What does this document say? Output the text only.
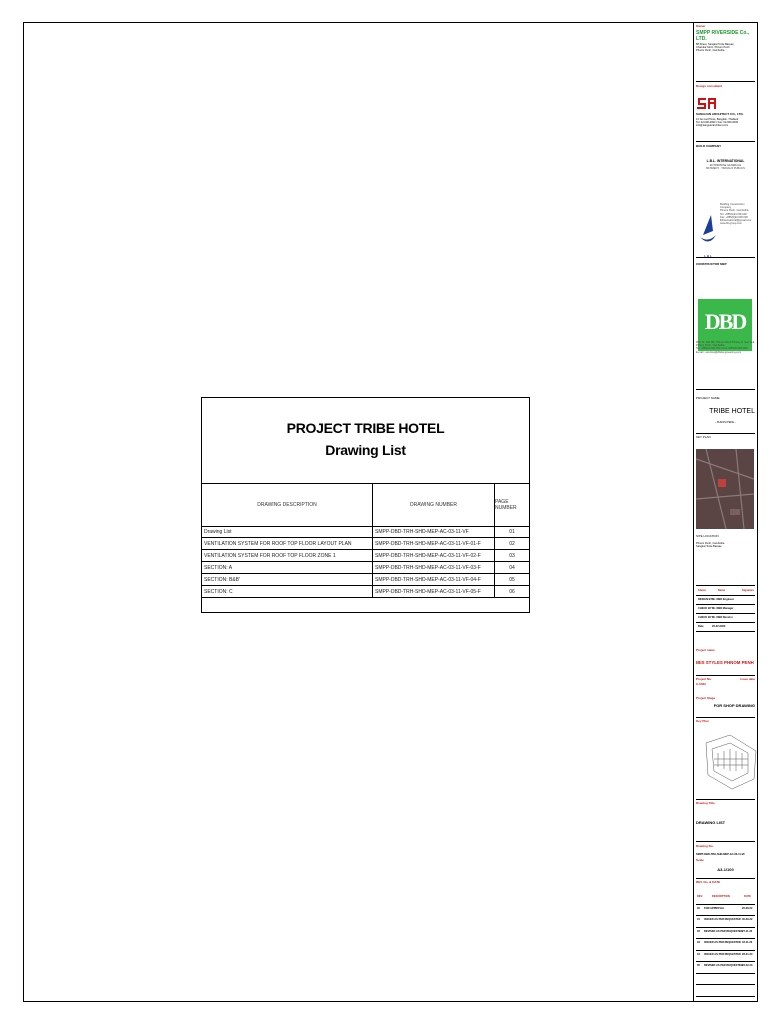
PROJECT TRIBE HOTEL
Drawing List
DRAWING DESCRIPTION	DRAWING NUMBER	PAGE NUMBER
Drawing List	SMPP-DBD-TRH-SHD-MEP-AC-03-11-VF	01
VENTILATION SYSTEM FOR ROOF TOP FLOOR LAYOUT PLAN	SMPP-DBD-TRH-SHD-MEP-AC-03-11-VF-01-F	02
VENTILATION SYSTEM FOR ROOF TOP FLOOR ZONE 1	SMPP-DBD-TRH-SHD-MEP-AC-03-11-VF-02-F	03
SECTION: A	SMPP-DBD-TRH-SHD-MEP-AC-03-11-VF-03-F	04
SECTION: B&B'	SMPP-DBD-TRH-SHD-MEP-AC-03-11-VF-04-F	05
SECTION: C	SMPP-DBD-TRH-SHD-MEP-AC-03-11-VF-05-F	06
Owner
SMPP RIVERSIDE Co., LTD.
88 Street, Sangkat Tonle Bassac,
Chamkar Morn, Phnom Penh
Phnom Penh, Cambodia
Design consultant
SANGUAN ARCHITECT CO., LTD.
12 Soi Lat Phrao, Bangkok, Thailand
Tel: 02-000-0000 / Fax: 02-000-0000
info@sanguanarchitect.com
BUILD COMPANY
L.B.L. INTERNATIONAL
ENTREPRISE GENERALE
BATIMENT - TRAVAUX PUBLICS
L B L
Building Construction Company
Phnom Penh, Cambodia
Tel: +855(0)23 000 000
Fax: +855(0)23 000 000
lblinternational@gmail.com
www.lbl-group.com
CONSTRUCTOR MEP
DBD
#66, St. 336, BK, Phnom Penh Thmey, K. Sen Sok,
Phnom Penh, Cambodia
Tel : (855)23 000 000 / Fax: (855)23 000 000
E-mail : services@dbdengineering.com
PROJECT NAME:
TRIBE HOTEL
- PHNOM PENH -
KEY PLAN
SITE LOCATION
Phnom Penh, Cambodia
Sangkat Tonle Bassac
Status	Name	Signature
DESIGN BY Mr. DBD Engineer
CHECK BY Mr. DBD Manager
CHECK BY Mr. DBD Director
Date	22-02-2023
Project name
IBIS STYLES PHNOM PENH
Project No.	Issue date
C-0022
Project Stage
FOR SHOP DRAWING
Key Plan
Drawing Title
DRAWING LIST
Drawing No.
SMPP-DBD-TRH-SHD-MEP-AC-03-11-VF
Scale
A3-1/100
REV. No. & DATE
REV.	DESCRIPTION	DATE
00 FOR APPROVAL	20-08-22
01 ISSUED AS PER REQUESTED 30-09-22
02 REVISED AS PER REQUESTED 27-11-22
03 ISSUED AS PER REQUESTED 03-11-22
04 ISSUED AS PER REQUESTED 28-01-23
05 REVISED AS PER REQUESTED 22-02-23
